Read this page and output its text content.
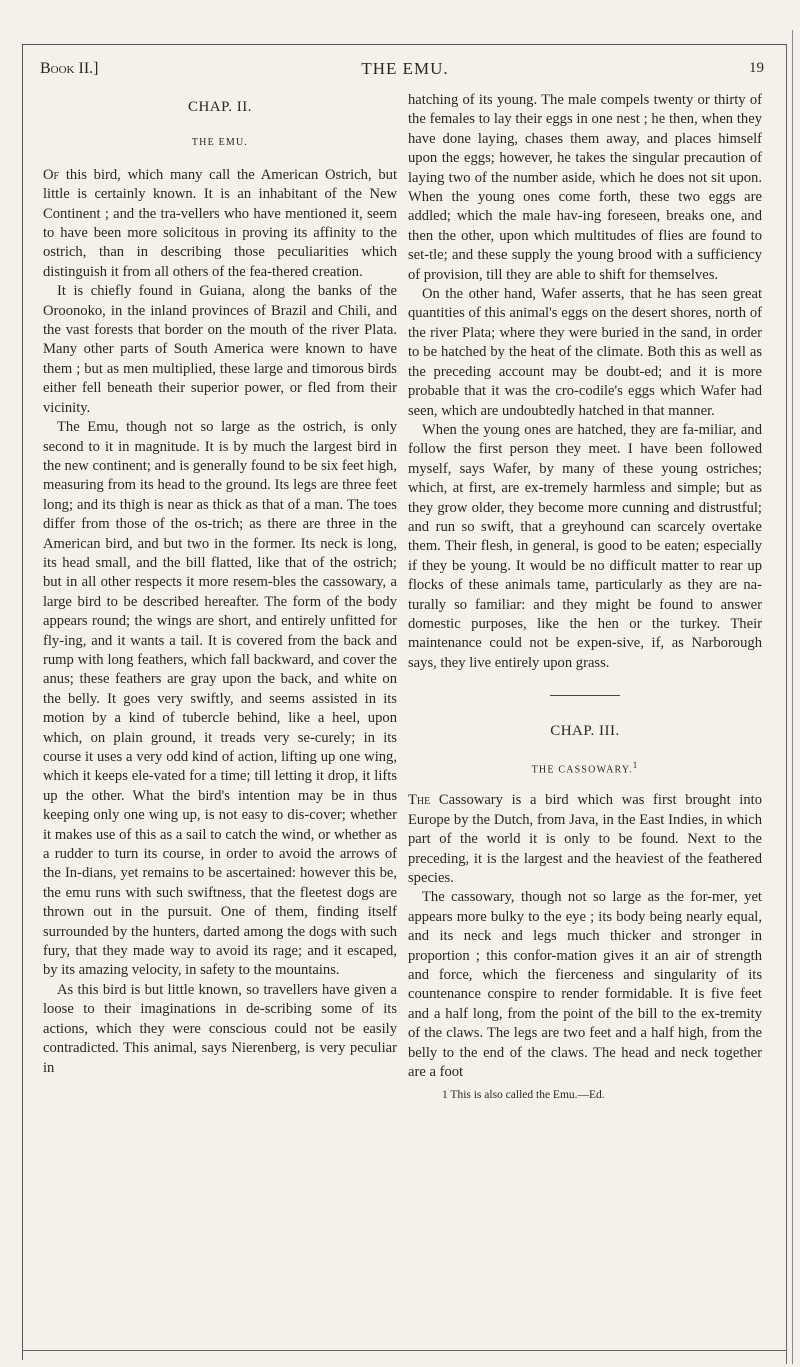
Book II.]	THE EMU.	19

CHAP. II.

THE EMU.

Of this bird, which many call the American Ostrich, but little is certainly known. It is an inhabitant of the New Continent ; and the tra-vellers who have mentioned it, seem to have been more solicitous in proving its affinity to the ostrich, than in describing those peculiarities which distinguish it from all others of the fea-thered creation.

It is chiefly found in Guiana, along the banks of the Oroonoko, in the inland provinces of Brazil and Chili, and the vast forests that border on the mouth of the river Plata. Many other parts of South America were known to have them ; but as men multiplied, these large and timorous birds either fell beneath their superior power, or fled from their vicinity.

The Emu, though not so large as the ostrich, is only second to it in magnitude. It is by much the largest bird in the new continent; and is generally found to be six feet high, measuring from its head to the ground. Its legs are three feet long; and its thigh is near as thick as that of a man. The toes differ from those of the os-trich; as there are three in the American bird, and but two in the former. Its neck is long, its head small, and the bill flatted, like that of the ostrich; but in all other respects it more resem-bles the cassowary, a large bird to be described hereafter. The form of the body appears round; the wings are short, and entirely unfitted for fly-ing, and it wants a tail. It is covered from the back and rump with long feathers, which fall backward, and cover the anus; these feathers are gray upon the back, and white on the belly. It goes very swiftly, and seems assisted in its motion by a kind of tubercle behind, like a heel, upon which, on plain ground, it treads very se-curely; in its course it uses a very odd kind of action, lifting up one wing, which it keeps ele-vated for a time; till letting it drop, it lifts up the other. What the bird's intention may be in thus keeping only one wing up, is not easy to dis-cover; whether it makes use of this as a sail to catch the wind, or whether as a rudder to turn its course, in order to avoid the arrows of the In-dians, yet remains to be ascertained: however this be, the emu runs with such swiftness, that the fleetest dogs are thrown out in the pursuit. One of them, finding itself surrounded by the hunters, darted among the dogs with such fury, that they made way to avoid its rage; and it escaped, by its amazing velocity, in safety to the mountains.

As this bird is but little known, so travellers have given a loose to their imaginations in de-scribing some of its actions, which they were conscious could not be easily contradicted. This animal, says Nierenberg, is very peculiar in

hatching of its young. The male compels twenty or thirty of the females to lay their eggs in one nest ; he then, when they have done laying, chases them away, and places himself upon the eggs; however, he takes the singular precaution of laying two of the number aside, which he does not sit upon. When the young ones come forth, these two eggs are addled; which the male hav-ing foreseen, breaks one, and then the other, upon which multitudes of flies are found to set-tle; and these supply the young brood with a sufficiency of provision, till they are able to shift for themselves.

On the other hand, Wafer asserts, that he has seen great quantities of this animal's eggs on the desert shores, north of the river Plata; where they were buried in the sand, in order to be hatched by the heat of the climate. Both this as well as the preceding account may be doubt-ed; and it is more probable that it was the cro-codile's eggs which Wafer had seen, which are undoubtedly hatched in that manner.

When the young ones are hatched, they are fa-miliar, and follow the first person they meet. I have been followed myself, says Wafer, by many of these young ostriches; which, at first, are ex-tremely harmless and simple; but as they grow older, they become more cunning and distrustful; and run so swift, that a greyhound can scarcely overtake them. Their flesh, in general, is good to be eaten; especially if they be young. It would be no difficult matter to rear up flocks of these animals tame, particularly as they are na-turally so familiar: and they might be found to answer domestic purposes, like the hen or the turkey. Their maintenance could not be expen-sive, if, as Narborough says, they live entirely upon grass.

CHAP. III.

THE CASSOWARY.$^1$

The Cassowary is a bird which was first brought into Europe by the Dutch, from Java, in the East Indies, in which part of the world it is only to be found. Next to the preceding, it is the largest and the heaviest of the feathered species.

The cassowary, though not so large as the for-mer, yet appears more bulky to the eye ; its body being nearly equal, and its neck and legs much thicker and stronger in proportion ; this confor-mation gives it an air of strength and force, which the fierceness and singularity of its countenance conspire to render formidable. It is five feet and a half long, from the point of the bill to the ex-tremity of the claws. The legs are two feet and a half high, from the belly to the end of the claws. The head and neck together are a foot

1 This is also called the Emu.—Ed.
